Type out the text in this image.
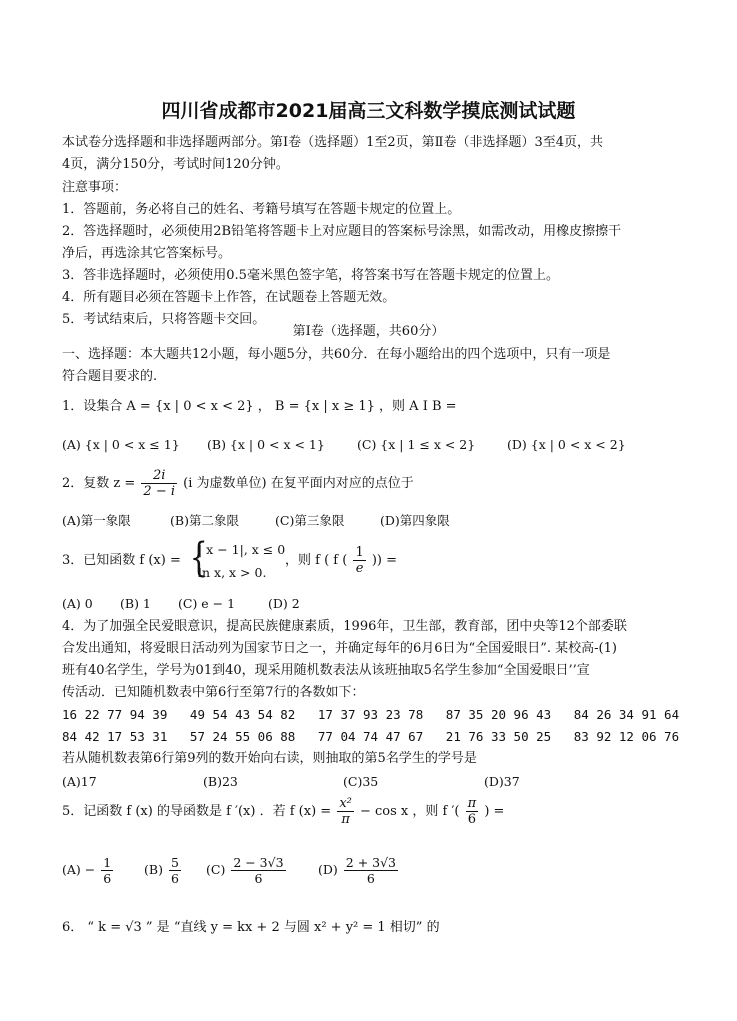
四川省成都市2021届高三文科数学摸底测试试题
本试卷分选择题和非选择题两部分。第Ⅰ卷（选择题）1至2页，第Ⅱ卷（非选择题）3至4页，共
4页，满分150分，考试时间120分钟。
注意事项：
1．答题前，务必将自己的姓名、考籍号填写在答题卡规定的位置上。
2．答选择题时，必须使用2B铅笔将答题卡上对应题目的答案标号涂黑，如需改动，用橡皮擦擦干
净后，再选涂其它答案标号。
3．答非选择题时，必须使用0.5毫米黑色签字笔，将答案书写在答题卡规定的位置上。
4．所有题目必须在答题卡上作答，在试题卷上答题无效。
5．考试结束后，只将答题卡交回。
第Ⅰ卷（选择题，共60分）
一、选择题：本大题共12小题，每小题5分，共60分．在每小题给出的四个选项中，只有一项是
符合题目要求的.
1．设集合 A = {x | 0 < x < 2} ， B = {x | x ≥ 1} ，则 A I B =
(A) {x | 0 < x ≤ 1} (B) {x | 0 < x < 1}	(C) {x | 1 ≤ x < 2}	(D) {x | 0 < x < 2}
2．复数 $z = \frac{2i}{2 - i} (i$ 为虚数单位) 在复平面内对应的点位于
(A)第一象限	(B)第二象限	(C)第三象限	(D)第四象限
3．已知函数 f (x) = {
| x − 1|, x ≤ 0
ln x, x > 0.
，则 f ( f ( $\frac{1}{e}$ )) =
(A) 0 (B) 1 (C) e − 1	(D) 2
4．为了加强全民爱眼意识，提高民族健康素质，1996年，卫生部，教育部，团中央等12个部委联
合发出通知，将爱眼日活动列为国家节日之一，并确定每年的6月6日为“全国爱眼日”. 某校高-(1)
班有40名学生，学号为01到40，现采用随机数表法从该班抽取5名学生参加“全国爱眼日’’宣
传活动．已知随机数表中第6行至第7行的各数如下：
16 22 77 94 39   49 54 43 54 82   17 37 93 23 78   87 35 20 96 43   84 26 34 91 64
84 42 17 53 31   57 24 55 06 88   77 04 74 47 67   21 76 33 50 25   83 92 12 06 76
若从随机数表第6行第9列的数开始向右读，则抽取的第5名学生的学号是
(A)17	(B)23	(C)35	(D)37
5．记函数 f (x) 的导函数是 f ′(x) ．若 f $(x) = \frac{\text{x²}}{\pi} - \cos x$ ，则 f ′( $\frac{\pi}{6}$ ) =
$(A) - \frac{1}{6} (B) \frac{5}{6} (C) \frac{2 - 3√3}{6}$	$(D) \frac{2 + 3√3}{6}$
6． “ k = √3 ” 是 “直线 y = kx + 2 与圆 x² + y² = 1 相切” 的
